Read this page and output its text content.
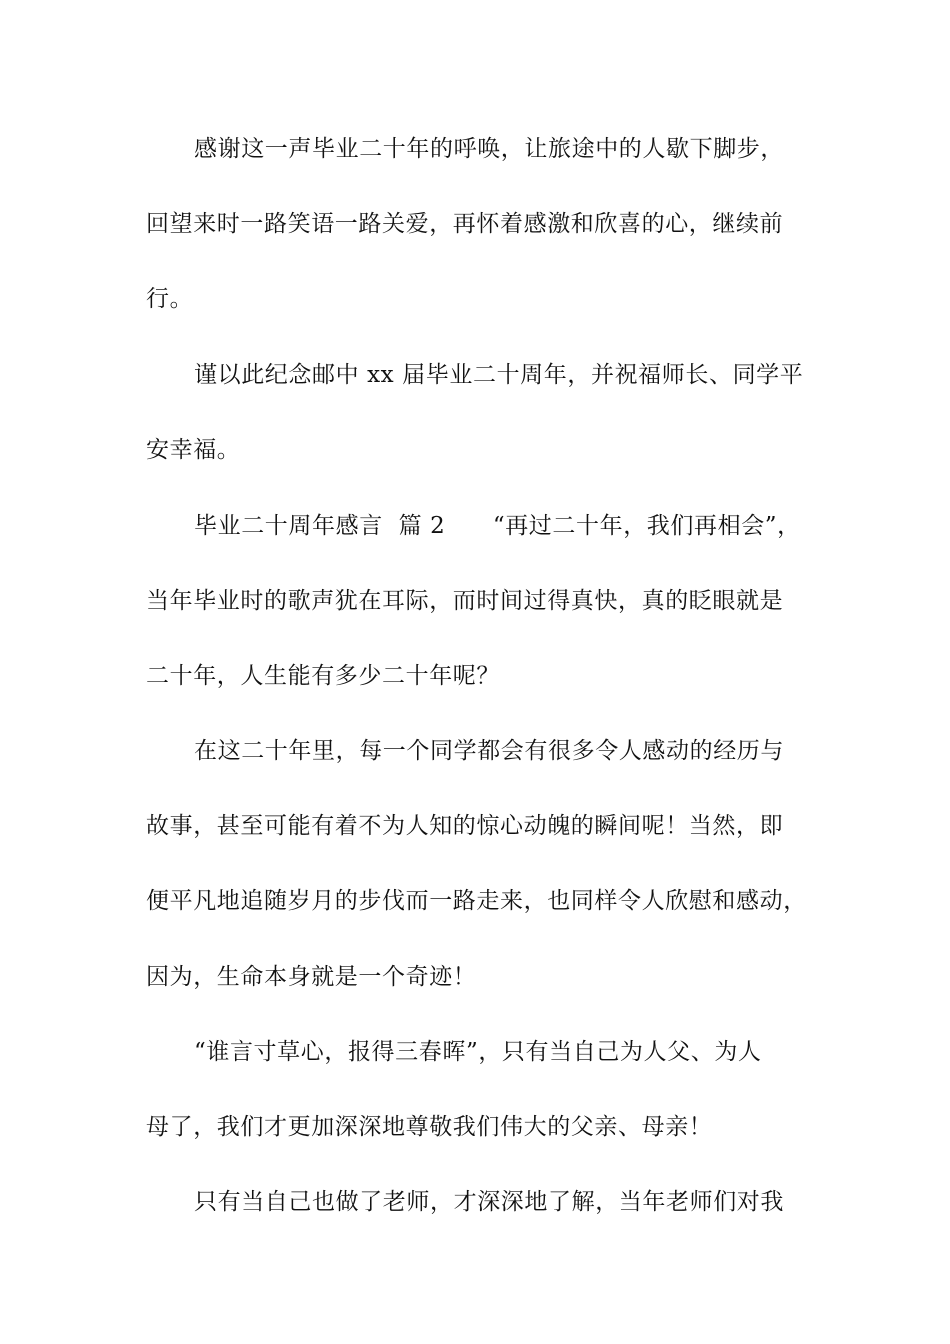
感谢这一声毕业二十年的呼唤，让旅途中的人歇下脚步，
回望来时一路笑语一路关爱，再怀着感激和欣喜的心，继续前
行。
谨以此纪念邮中 xx 届毕业二十周年，并祝福师长、同学平
安幸福。
毕业二十周年感言  篇 2      “再过二十年，我们再相会”，
当年毕业时的歌声犹在耳际，而时间过得真快，真的眨眼就是
二十年，人生能有多少二十年呢？
在这二十年里，每一个同学都会有很多令人感动的经历与
故事，甚至可能有着不为人知的惊心动魄的瞬间呢！当然，即
便平凡地追随岁月的步伐而一路走来，也同样令人欣慰和感动，
因为，生命本身就是一个奇迹！
“谁言寸草心，报得三春晖”，只有当自己为人父、为人
母了，我们才更加深深地尊敬我们伟大的父亲、母亲！
只有当自己也做了老师，才深深地了解，当年老师们对我
